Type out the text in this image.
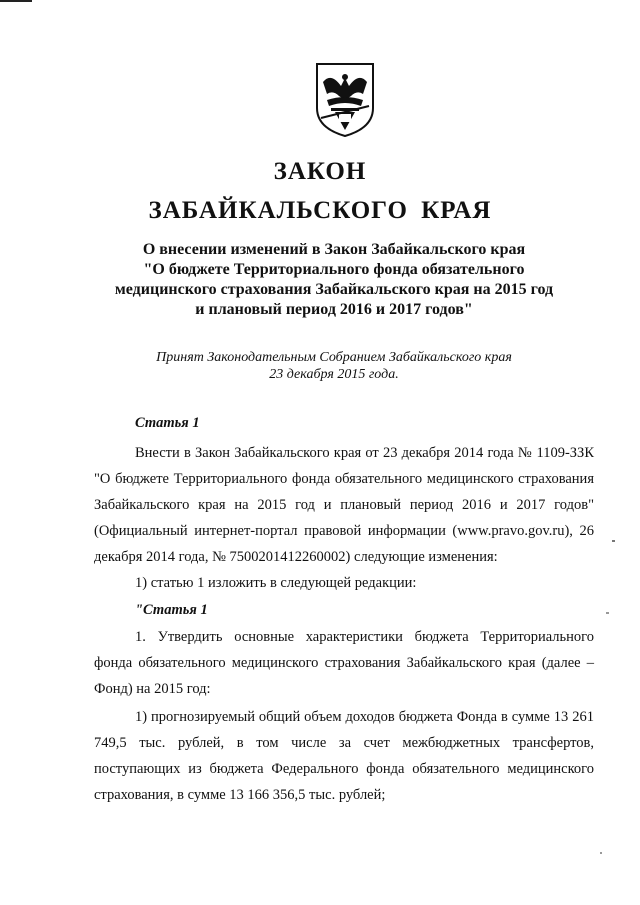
ЗАКОН
ЗАБАЙКАЛЬСКОГО КРАЯ
О внесении изменений в Закон Забайкальского края
"О бюджете Территориального фонда обязательного
медицинского страхования Забайкальского края на 2015 год
и плановый период 2016 и 2017 годов"
Принят Законодательным Собранием Забайкальского края
23 декабря 2015 года.

Статья 1

Внести в Закон Забайкальского края от 23 декабря 2014 года № 1109-ЗЗК "О бюджете Территориального фонда обязательного медицинского страхования Забайкальского края на 2015 год и плановый период 2016 и 2017 годов" (Официальный интернет-портал правовой информации (www.pravo.gov.ru), 26 декабря 2014 года, № 7500201412260002) следующие изменения:

1) статью 1 изложить в следующей редакции:

"Статья 1

1. Утвердить основные характеристики бюджета Территориального фонда обязательного медицинского страхования Забайкальского края (далее – Фонд) на 2015 год:

1) прогнозируемый общий объем доходов бюджета Фонда в сумме 13 261 749,5 тыс. рублей, в том числе за счет межбюджетных трансфертов, поступающих из бюджета Федерального фонда обязательного медицинского страхования, в сумме 13 166 356,5 тыс. рублей;
